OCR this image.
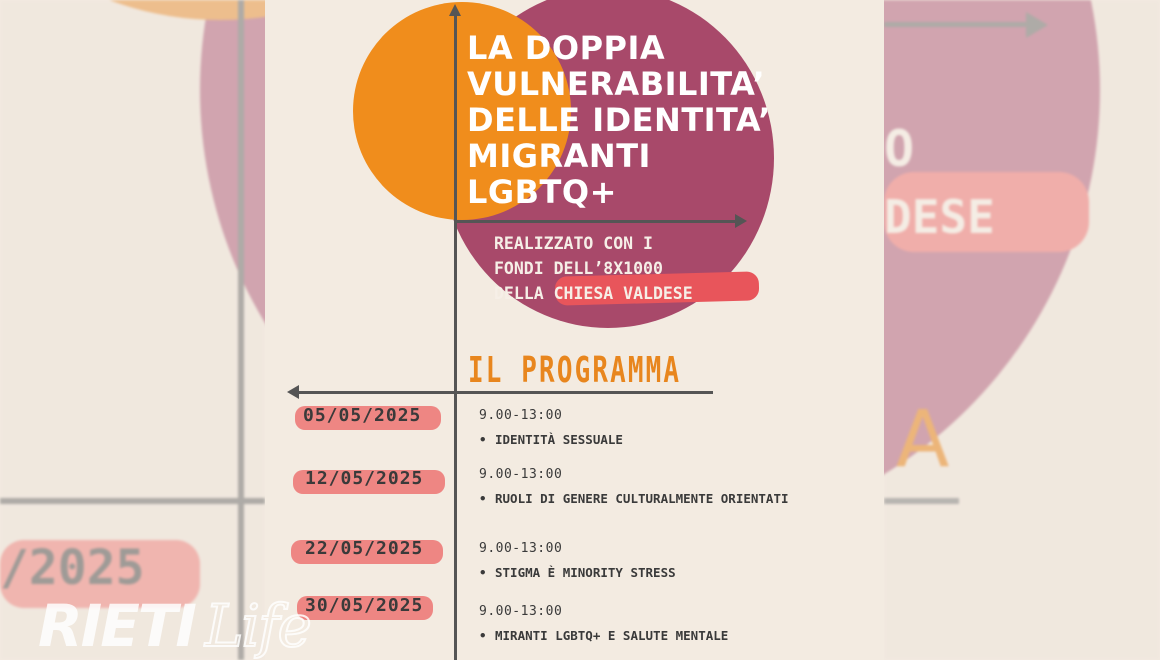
O
DESE
A
/2025
LA DOPPIA
VULNERABILITA’
DELLE IDENTITA’
MIGRANTI
LGBTQ+
REALIZZATO CON I
FONDI DELL’8X1000
DELLA CHIESA VALDESE
IL PROGRAMMA
05/05/2025
12/05/2025
22/05/2025
30/05/2025
9.00-13:00
• IDENTITÀ SESSUALE
9.00-13:00
• RUOLI DI GENERE CULTURALMENTE ORIENTATI
9.00-13:00
• STIGMA È MINORITY STRESS
9.00-13:00
• MIRANTI LGBTQ+ E SALUTE MENTALE
RIETI Life
